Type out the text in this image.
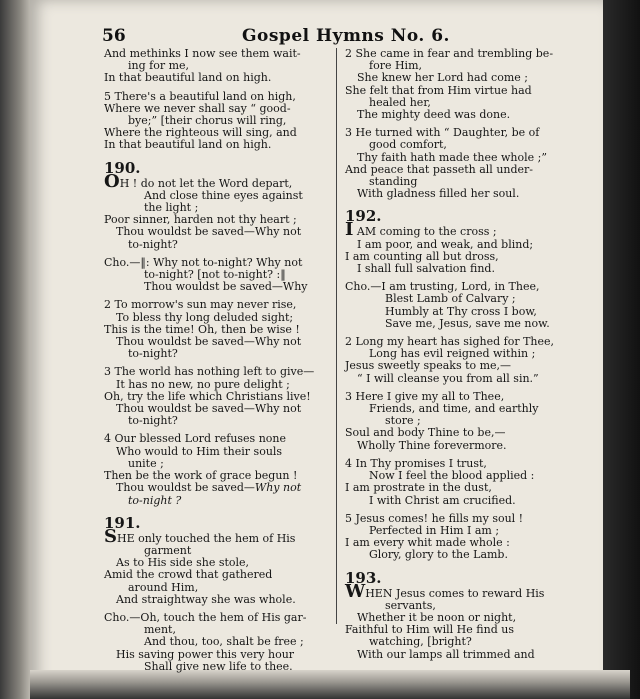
56	Gospel Hymns No. 6.
And methinks I now see them wait-
ing for me,
In that beautiful land on high.
5 There's a beautiful land on high,
Where we never shall say “ good-
bye;” [their chorus will ring,
Where the righteous will sing, and
In that beautiful land on high.
190.
OH ! do not let the Word depart,
And close thine eyes against
the light ;
Poor sinner, harden not thy heart ;
Thou wouldst be saved—Why not
to-night?
Cho.—‖: Why not to-night? Why not
to-night? [not to-night? :‖
Thou wouldst be saved—Why
2 To morrow's sun may never rise,
To bless thy long deluded sight;
This is the time! Oh, then be wise !
Thou wouldst be saved—Why not
to-night?
3 The world has nothing left to give—
It has no new, no pure delight ;
Oh, try the life which Christians live!
Thou wouldst be saved—Why not
to-night?
4 Our blessed Lord refuses none
Who would to Him their souls
unite ;
Then be the work of grace begun !
Thou wouldst be saved—Why not
to-night ?
191.
SHE only touched the hem of His
garment
As to His side she stole,
Amid the crowd that gathered
around Him,
And straightway she was whole.
Cho.—Oh, touch the hem of His gar-
ment,
And thou, too, shalt be free ;
His saving power this very hour
Shall give new life to thee.
2 She came in fear and trembling be-
fore Him,
She knew her Lord had come ;
She felt that from Him virtue had
healed her,
The mighty deed was done.
3 He turned with “ Daughter, be of
good comfort,
Thy faith hath made thee whole ;”
And peace that passeth all under-
standing
With gladness filled her soul.
192.
I AM coming to the cross ;
I am poor, and weak, and blind;
I am counting all but dross,
I shall full salvation find.
Cho.—I am trusting, Lord, in Thee,
Blest Lamb of Calvary ;
Humbly at Thy cross I bow,
Save me, Jesus, save me now.
2 Long my heart has sighed for Thee,
Long has evil reigned within ;
Jesus sweetly speaks to me,—
“ I will cleanse you from all sin.”
3 Here I give my all to Thee,
Friends, and time, and earthly
store ;
Soul and body Thine to be,—
Wholly Thine forevermore.
4 In Thy promises I trust,
Now I feel the blood applied :
I am prostrate in the dust,
I with Christ am crucified.
5 Jesus comes! he fills my soul !
Perfected in Him I am ;
I am every whit made whole :
Glory, glory to the Lamb.
193.
WHEN Jesus comes to reward His
servants,
Whether it be noon or night,
Faithful to Him will He find us
watching, [bright?
With our lamps all trimmed and
